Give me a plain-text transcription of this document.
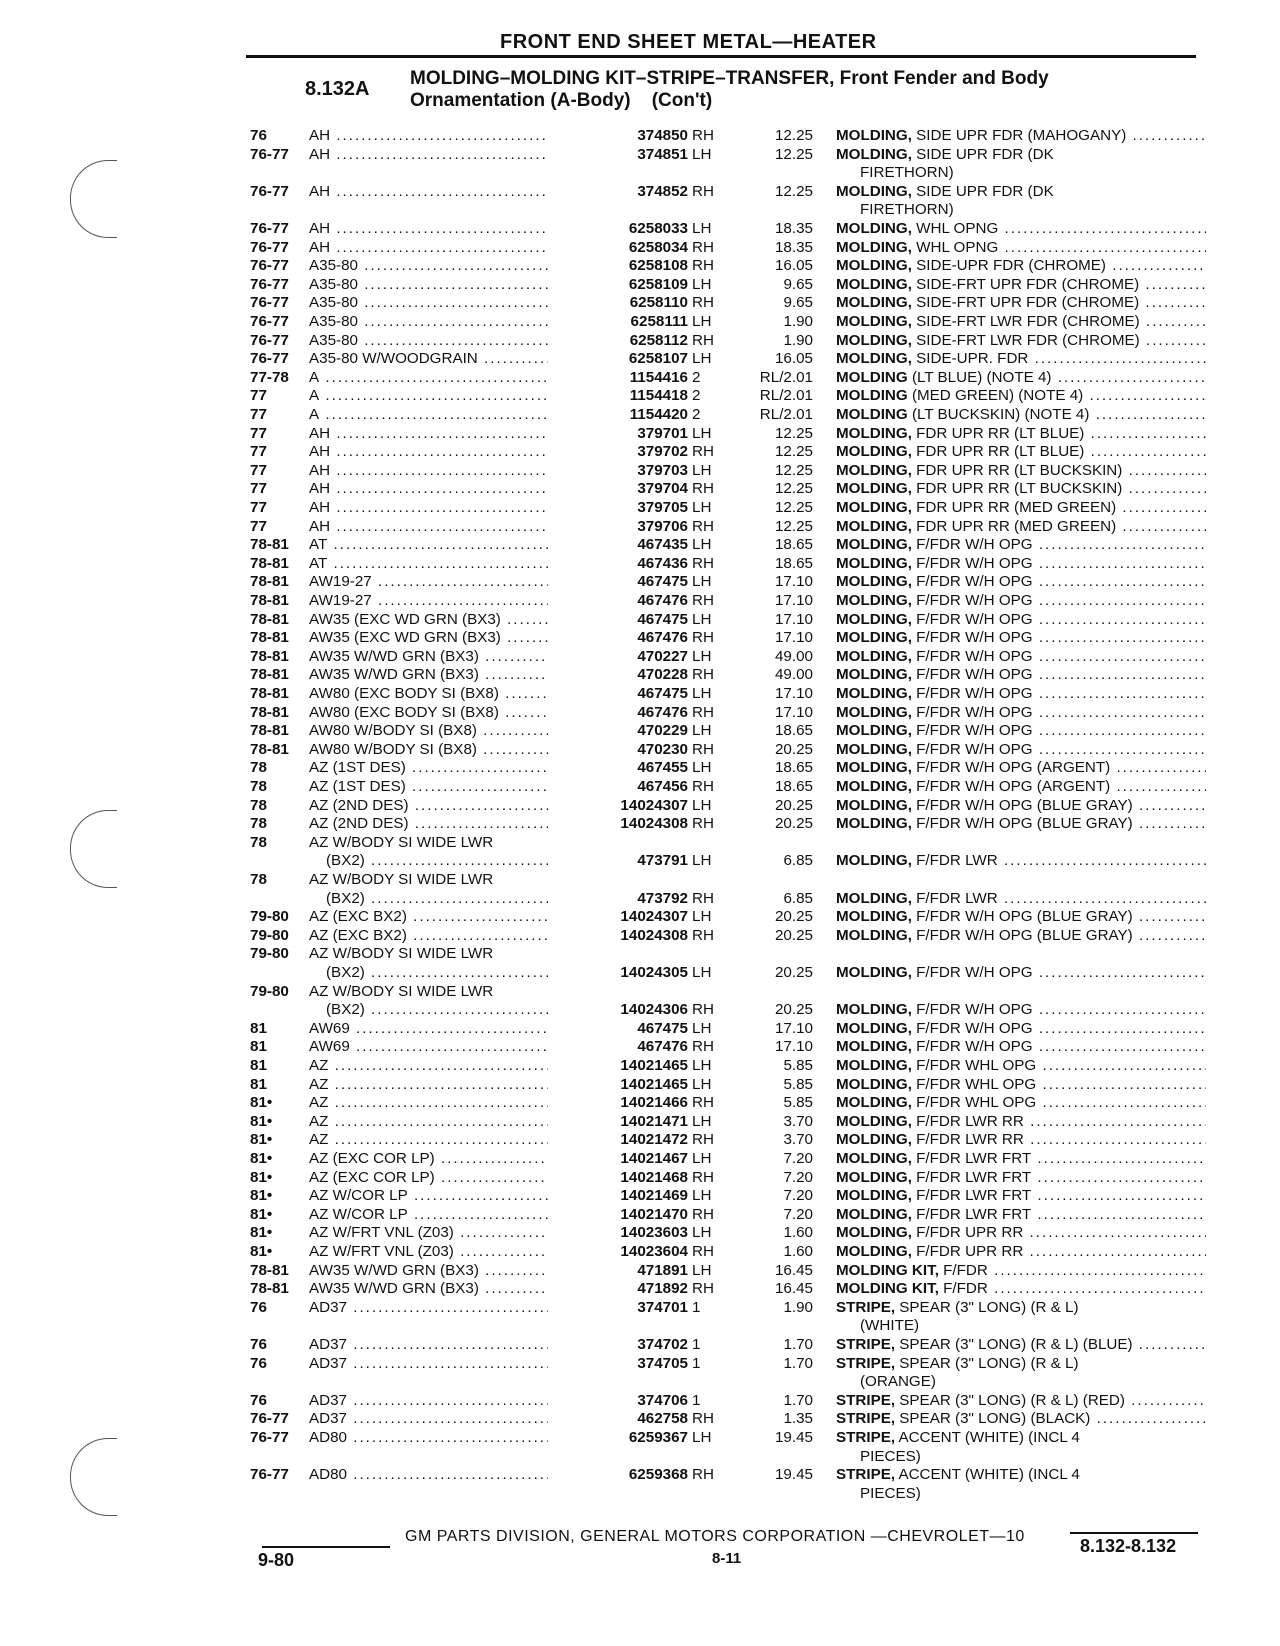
FRONT END SHEET METAL—HEATER
8.132A MOLDING–MOLDING KIT–STRIPE–TRANSFER, Front Fender and Body
Ornamentation (A-Body)    (Con't)
76	AH .....	374850 RH	12.25 MOLDING, SIDE UPR FDR (MAHOGANY) .....
76-77	AH .....	374851 LH	12.25 MOLDING, SIDE UPR FDR (DK
FIRETHORN)
76-77	AH .....	374852 RH	12.25 MOLDING, SIDE UPR FDR (DK
FIRETHORN)
76-77	AH .....	6258033 LH	18.35 MOLDING, WHL OPNG .....
76-77	AH .....	6258034 RH	18.35 MOLDING, WHL OPNG .....
76-77	A35-80 .....	6258108 RH	16.05 MOLDING, SIDE-UPR FDR (CHROME) .....
76-77	A35-80 .....	6258109 LH	9.65 MOLDING, SIDE-FRT UPR FDR (CHROME) .....
76-77	A35-80 .....	6258110 RH	9.65 MOLDING, SIDE-FRT UPR FDR (CHROME) .....
76-77	A35-80 .....	6258111 LH	1.90 MOLDING, SIDE-FRT LWR FDR (CHROME) .....
76-77	A35-80 .....	6258112 RH	1.90 MOLDING, SIDE-FRT LWR FDR (CHROME) .....
76-77	A35-80 W/WOODGRAIN .....	6258107 LH	16.05 MOLDING, SIDE-UPR. FDR .....
77-78	A .....	1154416 2	RL/2.01 MOLDING (LT BLUE) (NOTE 4) .....
77	A .....	1154418 2	RL/2.01 MOLDING (MED GREEN) (NOTE 4) .....
77	A .....	1154420 2	RL/2.01 MOLDING (LT BUCKSKIN) (NOTE 4) .....
77	AH .....	379701 LH	12.25 MOLDING, FDR UPR RR (LT BLUE) .....
77	AH .....	379702 RH	12.25 MOLDING, FDR UPR RR (LT BLUE) .....
77	AH .....	379703 LH	12.25 MOLDING, FDR UPR RR (LT BUCKSKIN) .....
77	AH .....	379704 RH	12.25 MOLDING, FDR UPR RR (LT BUCKSKIN) .....
77	AH .....	379705 LH	12.25 MOLDING, FDR UPR RR (MED GREEN) .....
77	AH .....	379706 RH	12.25 MOLDING, FDR UPR RR (MED GREEN) .....
78-81	AT .....	467435 LH	18.65 MOLDING, F/FDR W/H OPG .....
78-81	AT .....	467436 RH	18.65 MOLDING, F/FDR W/H OPG .....
78-81	AW19-27 .....	467475 LH	17.10 MOLDING, F/FDR W/H OPG .....
78-81	AW19-27 .....	467476 RH	17.10 MOLDING, F/FDR W/H OPG .....
78-81	AW35 (EXC WD GRN (BX3) .....	467475 LH	17.10 MOLDING, F/FDR W/H OPG .....
78-81	AW35 (EXC WD GRN (BX3) .....	467476 RH	17.10 MOLDING, F/FDR W/H OPG .....
78-81	AW35 W/WD GRN (BX3) .....	470227 LH	49.00 MOLDING, F/FDR W/H OPG .....
78-81	AW35 W/WD GRN (BX3) .....	470228 RH	49.00 MOLDING, F/FDR W/H OPG .....
78-81	AW80 (EXC BODY SI (BX8) .....	467475 LH	17.10 MOLDING, F/FDR W/H OPG .....
78-81	AW80 (EXC BODY SI (BX8) .....	467476 RH	17.10 MOLDING, F/FDR W/H OPG .....
78-81	AW80 W/BODY SI (BX8) .....	470229 LH	18.65 MOLDING, F/FDR W/H OPG .....
78-81	AW80 W/BODY SI (BX8) .....	470230 RH	20.25 MOLDING, F/FDR W/H OPG .....
78	AZ (1ST DES) .....	467455 LH	18.65 MOLDING, F/FDR W/H OPG (ARGENT) .....
78	AZ (1ST DES) .....	467456 RH	18.65 MOLDING, F/FDR W/H OPG (ARGENT) .....
78	AZ (2ND DES) .....	14024307 LH	20.25 MOLDING, F/FDR W/H OPG (BLUE GRAY) .....
78	AZ (2ND DES) .....	14024308 RH	20.25 MOLDING, F/FDR W/H OPG (BLUE GRAY) .....
78	AZ W/BODY SI WIDE LWR
(BX2) .....	473791 LH	6.85 MOLDING, F/FDR LWR .....
78	AZ W/BODY SI WIDE LWR
(BX2) .....	473792 RH	6.85 MOLDING, F/FDR LWR .....
79-80	AZ (EXC BX2) .....	14024307 LH	20.25 MOLDING, F/FDR W/H OPG (BLUE GRAY) .....
79-80	AZ (EXC BX2) .....	14024308 RH	20.25 MOLDING, F/FDR W/H OPG (BLUE GRAY) .....
79-80	AZ W/BODY SI WIDE LWR
(BX2) .....	14024305 LH	20.25 MOLDING, F/FDR W/H OPG .....
79-80	AZ W/BODY SI WIDE LWR
(BX2) .....	14024306 RH	20.25 MOLDING, F/FDR W/H OPG .....
81	AW69 .....	467475 LH	17.10 MOLDING, F/FDR W/H OPG .....
81	AW69 .....	467476 RH	17.10 MOLDING, F/FDR W/H OPG .....
81	AZ .....	14021465 LH	5.85 MOLDING, F/FDR WHL OPG .....
81	AZ .....	14021465 LH	5.85 MOLDING, F/FDR WHL OPG .....
81•	AZ .....	14021466 RH	5.85 MOLDING, F/FDR WHL OPG .....
81•	AZ .....	14021471 LH	3.70 MOLDING, F/FDR LWR RR .....
81•	AZ .....	14021472 RH	3.70 MOLDING, F/FDR LWR RR .....
81•	AZ (EXC COR LP) .....	14021467 LH	7.20 MOLDING, F/FDR LWR FRT .....
81•	AZ (EXC COR LP) .....	14021468 RH	7.20 MOLDING, F/FDR LWR FRT .....
81•	AZ W/COR LP .....	14021469 LH	7.20 MOLDING, F/FDR LWR FRT .....
81•	AZ W/COR LP .....	14021470 RH	7.20 MOLDING, F/FDR LWR FRT .....
81•	AZ W/FRT VNL (Z03) .....	14023603 LH	1.60 MOLDING, F/FDR UPR RR .....
81•	AZ W/FRT VNL (Z03) .....	14023604 RH	1.60 MOLDING, F/FDR UPR RR .....
78-81	AW35 W/WD GRN (BX3) .....	471891 LH	16.45 MOLDING KIT, F/FDR .....
78-81	AW35 W/WD GRN (BX3) .....	471892 RH	16.45 MOLDING KIT, F/FDR .....
76	AD37 .....	374701 1	1.90 STRIPE, SPEAR (3" LONG) (R & L)
(WHITE)
76	AD37 .....	374702 1	1.70 STRIPE, SPEAR (3" LONG) (R & L) (BLUE) .....
76	AD37 .....	374705 1	1.70 STRIPE, SPEAR (3" LONG) (R & L)
(ORANGE)
76	AD37 .....	374706 1	1.70 STRIPE, SPEAR (3" LONG) (R & L) (RED) .....
76-77	AD37 .....	462758 RH	1.35 STRIPE, SPEAR (3" LONG) (BLACK) .....
76-77	AD80 .....	6259367 LH	19.45 STRIPE, ACCENT (WHITE) (INCL 4
PIECES)
76-77	AD80 .....	6259368 RH	19.45 STRIPE, ACCENT (WHITE) (INCL 4
PIECES)
GM PARTS DIVISION, GENERAL MOTORS CORPORATION —CHEVROLET—10
9-80	8-11
8.132-8.132
